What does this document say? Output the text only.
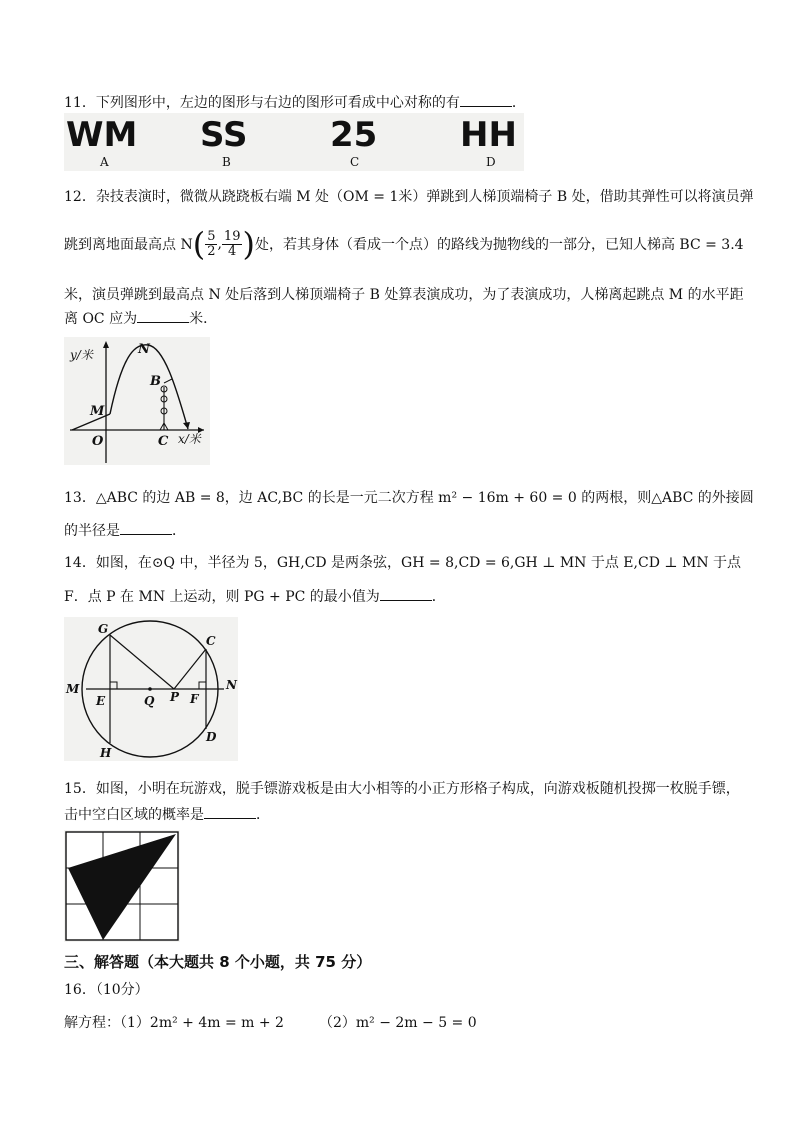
11．下列图形中，左边的图形与右边的图形可看成中心对称的有	．
WM
A
SS
B
25
C
HH
D
12．杂技表演时，微微从跷跷板右端 M 处（OM = 1米）弹跳到人梯顶端椅子 B 处，借助其弹性可以将演员弹
跳到离地面最高点 N ( $\frac{5}{2}$ , $\frac{19}{4}$ ) 处，若其身体（看成一个点）的路线为抛物线的一部分，已知人梯高 BC = 3.4
米，演员弹跳到最高点 N 处后落到人梯顶端椅子 B 处算表演成功，为了表演成功，人梯离起跳点 M 的水平距
离 OC 应为	米．
y/米	N
B
M
O	C x/米
13．△ABC 的边 AB = 8，边 AC,BC 的长是一元二次方程 m² − 16m + 60 = 0 的两根，则△ABC 的外接圆
的半径是	．
14．如图，在⊙Q 中，半径为 5，GH,CD 是两条弦，GH = 8,CD = 6,GH ⊥ MN 于点 E,CD ⊥ MN 于点
F．点 P 在 MN 上运动，则 PG + PC 的最小值为	．
G
C
M	N
E	Q P F
H
D
15．如图，小明在玩游戏，脱手镖游戏板是由大小相等的小正方形格子构成，向游戏板随机投掷一枚脱手镖，
击中空白区域的概率是	．
三、解答题（本大题共 8 个小题，共 75 分）
16．（10分）
解方程：（1）2m² + 4m = m + 2　　　（2）m² − 2m − 5 = 0
